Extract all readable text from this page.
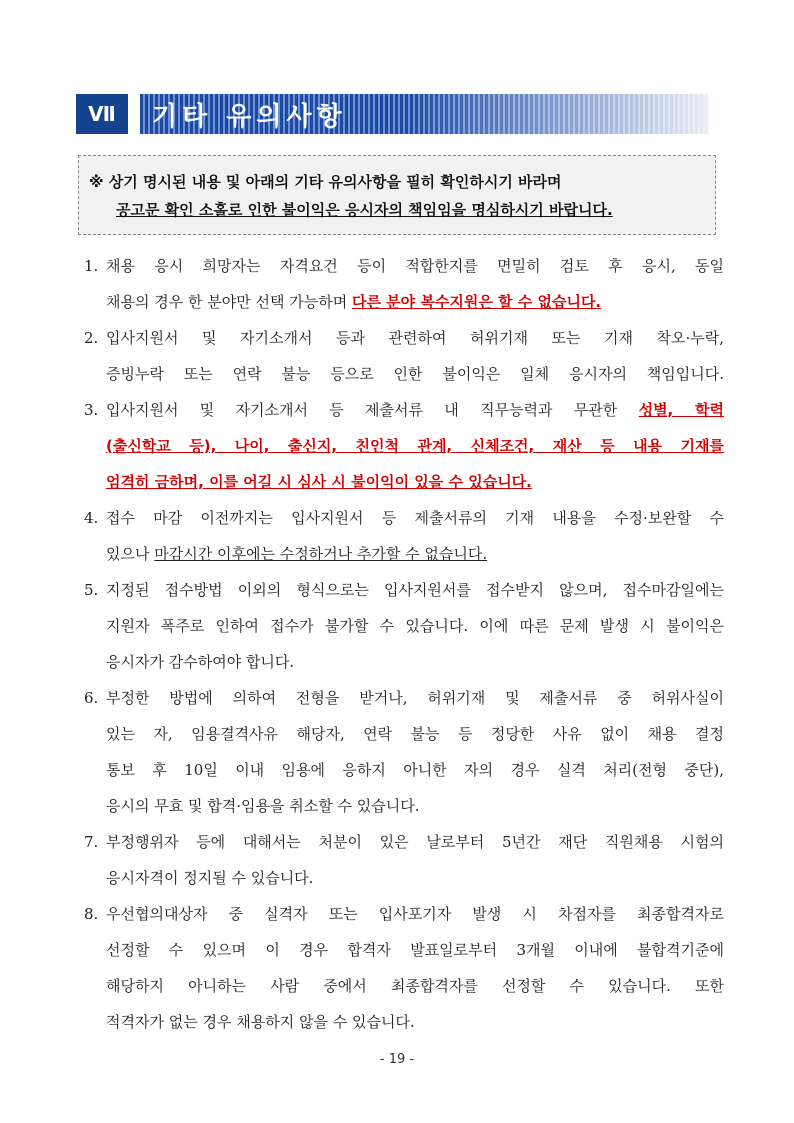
Ⅶ	기타 유의사항
※ 상기 명시된 내용 및 아래의 기타 유의사항을 필히 확인하시기 바라며
공고문 확인 소홀로 인한 불이익은 응시자의 책임임을 명심하시기 바랍니다.
1. 채용 응시 희망자는 자격요건 등이 적합한지를 면밀히 검토 후 응시, 동일
채용의 경우 한 분야만 선택 가능하며 다른 분야 복수지원은 할 수 없습니다.
2. 입사지원서 및 자기소개서 등과 관련하여 허위기재 또는 기재 착오·누락,
증빙누락 또는 연락 불능 등으로 인한 불이익은 일체 응시자의 책임입니다.
3. 입사지원서 및 자기소개서 등 제출서류 내 직무능력과 무관한 성별, 학력
(출신학교 등), 나이, 출신지, 친인척 관계, 신체조건, 재산 등 내용 기재를
엄격히 금하며, 이를 어길 시 심사 시 불이익이 있을 수 있습니다.
4. 접수 마감 이전까지는 입사지원서 등 제출서류의 기재 내용을 수정·보완할 수
있으나 마감시간 이후에는 수정하거나 추가할 수 없습니다.
5. 지정된 접수방법 이외의 형식으로는 입사지원서를 접수받지 않으며, 접수마감일에는
지원자 폭주로 인하여 접수가 불가할 수 있습니다. 이에 따른 문제 발생 시 불이익은
응시자가 감수하여야 합니다.
6. 부정한 방법에 의하여 전형을 받거나, 허위기재 및 제출서류 중 허위사실이
있는 자, 임용결격사유 해당자, 연락 불능 등 정당한 사유 없이 채용 결정
통보 후 10일 이내 임용에 응하지 아니한 자의 경우 실격 처리(전형 중단),
응시의 무효 및 합격·임용을 취소할 수 있습니다.
7. 부정행위자 등에 대해서는 처분이 있은 날로부터 5년간 재단 직원채용 시험의
응시자격이 정지될 수 있습니다.
8. 우선협의대상자 중 실격자 또는 입사포기자 발생 시 차점자를 최종합격자로
선정할 수 있으며 이 경우 합격자 발표일로부터 3개월 이내에 불합격기준에
해당하지 아니하는 사람 중에서 최종합격자를 선정할 수 있습니다. 또한
적격자가 없는 경우 채용하지 않을 수 있습니다.
- 19 -
